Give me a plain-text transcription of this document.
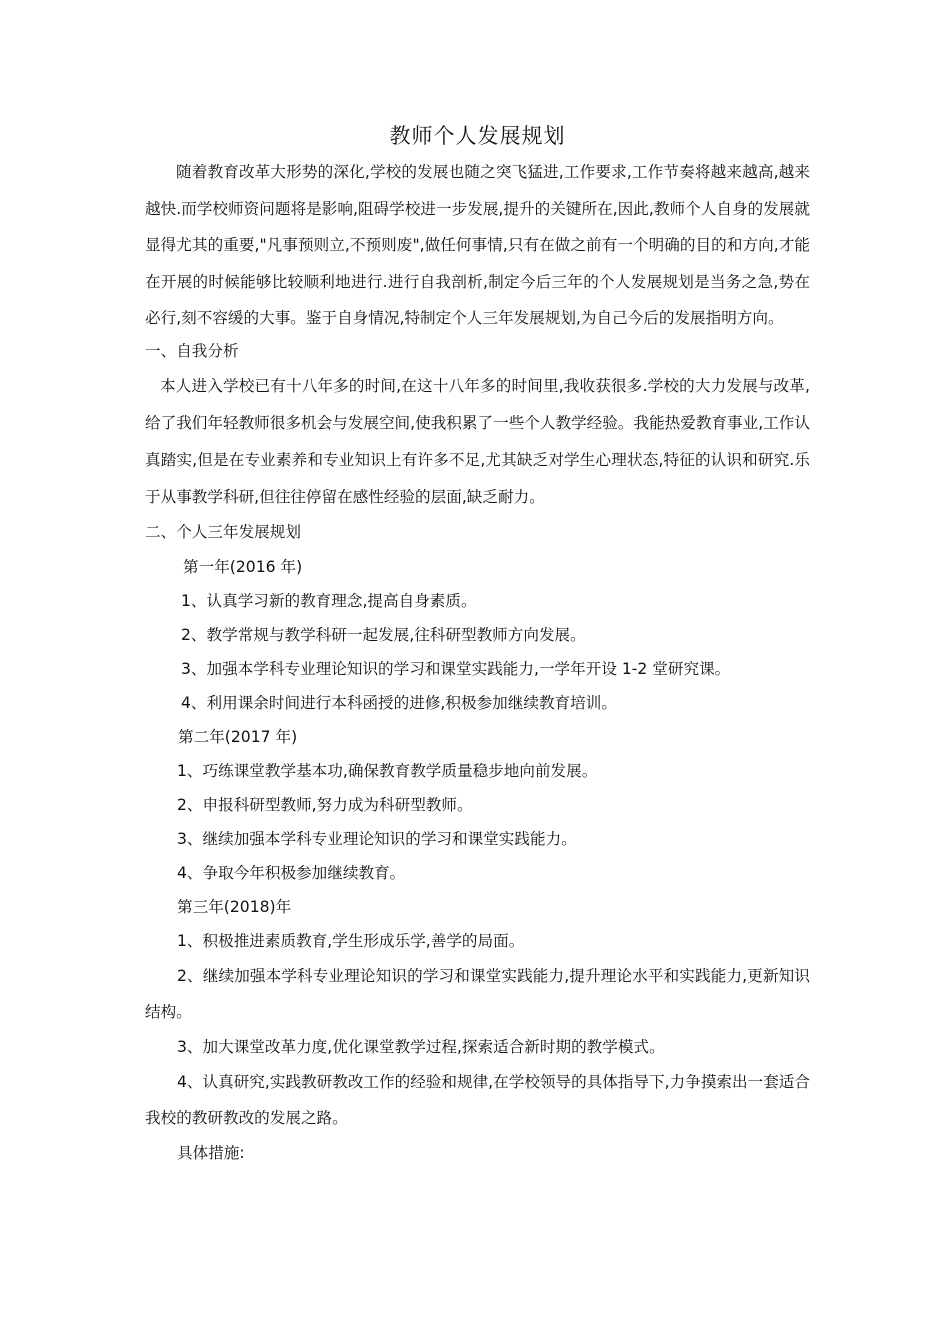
教师个人发展规划

随着教育改革大形势的深化,学校的发展也随之突飞猛进,工作要求,工作节奏将越来越高,越来越快.而学校师资问题将是影响,阻碍学校进一步发展,提升的关键所在,因此,教师个人自身的发展就显得尤其的重要,"凡事预则立,不预则废",做任何事情,只有在做之前有一个明确的目的和方向,才能在开展的时候能够比较顺利地进行.进行自我剖析,制定今后三年的个人发展规划是当务之急,势在必行,刻不容缓的大事。鉴于自身情况,特制定个人三年发展规划,为自己今后的发展指明方向。

一、自我分析

本人进入学校已有十八年多的时间,在这十八年多的时间里,我收获很多.学校的大力发展与改革,给了我们年轻教师很多机会与发展空间,使我积累了一些个人教学经验。我能热爱教育事业,工作认真踏实,但是在专业素养和专业知识上有许多不足,尤其缺乏对学生心理状态,特征的认识和研究.乐于从事教学科研,但往往停留在感性经验的层面,缺乏耐力。

二、个人三年发展规划

第一年(2016 年)

1、认真学习新的教育理念,提高自身素质。

2、教学常规与教学科研一起发展,往科研型教师方向发展。

3、加强本学科专业理论知识的学习和课堂实践能力,一学年开设 1-2 堂研究课。

4、利用课余时间进行本科函授的进修,积极参加继续教育培训。

第二年(2017 年)

1、巧练课堂教学基本功,确保教育教学质量稳步地向前发展。

2、申报科研型教师,努力成为科研型教师。

3、继续加强本学科专业理论知识的学习和课堂实践能力。

4、争取今年积极参加继续教育。

第三年(2018)年

1、积极推进素质教育,学生形成乐学,善学的局面。

2、继续加强本学科专业理论知识的学习和课堂实践能力,提升理论水平和实践能力,更新知识结构。

3、加大课堂改革力度,优化课堂教学过程,探索适合新时期的教学模式。

4、认真研究,实践教研教改工作的经验和规律,在学校领导的具体指导下,力争摸索出一套适合我校的教研教改的发展之路。

具体措施:
